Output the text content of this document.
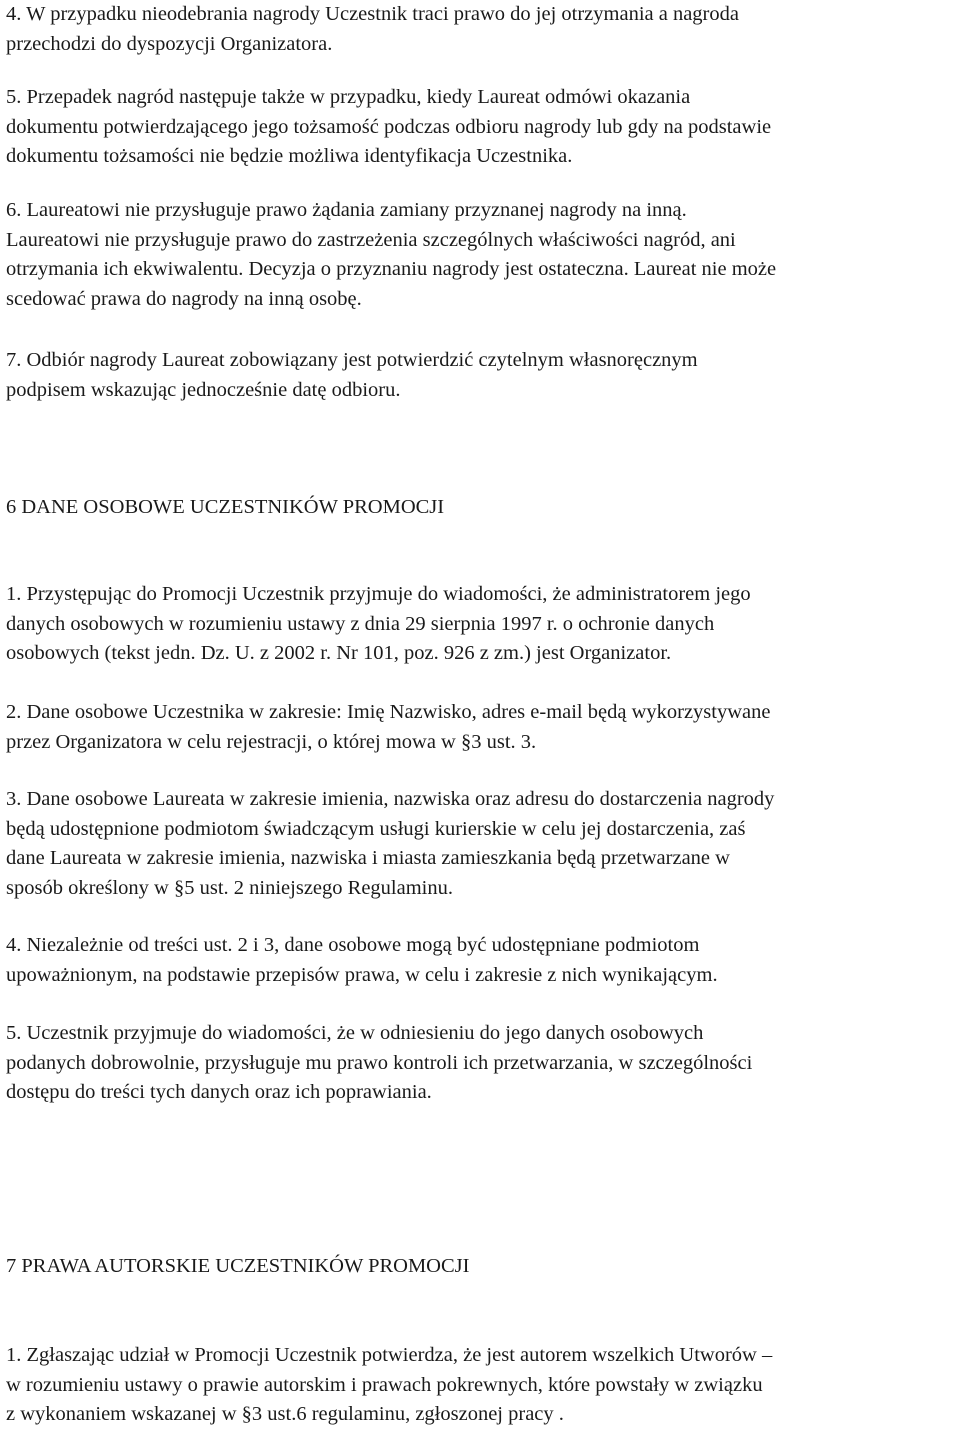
4. W przypadku nieodebrania nagrody Uczestnik traci prawo do jej otrzymania a nagroda

przechodzi do dyspozycji Organizatora.

5. Przepadek nagród następuje także w przypadku, kiedy Laureat odmówi okazania

dokumentu potwierdzającego jego tożsamość podczas odbioru nagrody lub gdy na podstawie

dokumentu tożsamości nie będzie możliwa identyfikacja Uczestnika.

6. Laureatowi nie przysługuje prawo żądania zamiany przyznanej nagrody na inną.

Laureatowi nie przysługuje prawo do zastrzeżenia szczególnych właściwości nagród, ani

otrzymania ich ekwiwalentu. Decyzja o przyznaniu nagrody jest ostateczna. Laureat nie może

scedować prawa do nagrody na inną osobę.

7. Odbiór nagrody Laureat zobowiązany jest potwierdzić czytelnym własnoręcznym

podpisem wskazując jednocześnie datę odbioru.

6 DANE OSOBOWE UCZESTNIKÓW PROMOCJI

1. Przystępując do Promocji Uczestnik przyjmuje do wiadomości, że administratorem jego

danych osobowych w rozumieniu ustawy z dnia 29 sierpnia 1997 r. o ochronie danych

osobowych (tekst jedn. Dz. U. z 2002 r. Nr 101, poz. 926 z zm.) jest Organizator.

2. Dane osobowe Uczestnika w zakresie: Imię Nazwisko, adres e-mail będą wykorzystywane

przez Organizatora w celu rejestracji, o której mowa w §3 ust. 3.

3. Dane osobowe Laureata w zakresie imienia, nazwiska oraz adresu do dostarczenia nagrody

będą udostępnione podmiotom świadczącym usługi kurierskie w celu jej dostarczenia, zaś

dane Laureata w zakresie imienia, nazwiska i miasta zamieszkania będą przetwarzane w

sposób określony w §5 ust. 2 niniejszego Regulaminu.

4. Niezależnie od treści ust. 2 i 3, dane osobowe mogą być udostępniane podmiotom

upoważnionym, na podstawie przepisów prawa, w celu i zakresie z nich wynikającym.

5. Uczestnik przyjmuje do wiadomości, że w odniesieniu do jego danych osobowych

podanych dobrowolnie, przysługuje mu prawo kontroli ich przetwarzania, w szczególności

dostępu do treści tych danych oraz ich poprawiania.

7 PRAWA AUTORSKIE UCZESTNIKÓW PROMOCJI

1. Zgłaszając udział w Promocji Uczestnik potwierdza, że jest autorem wszelkich Utworów –

w rozumieniu ustawy o prawie autorskim i prawach pokrewnych, które powstały w związku

z wykonaniem wskazanej w §3 ust.6 regulaminu, zgłoszonej pracy .
